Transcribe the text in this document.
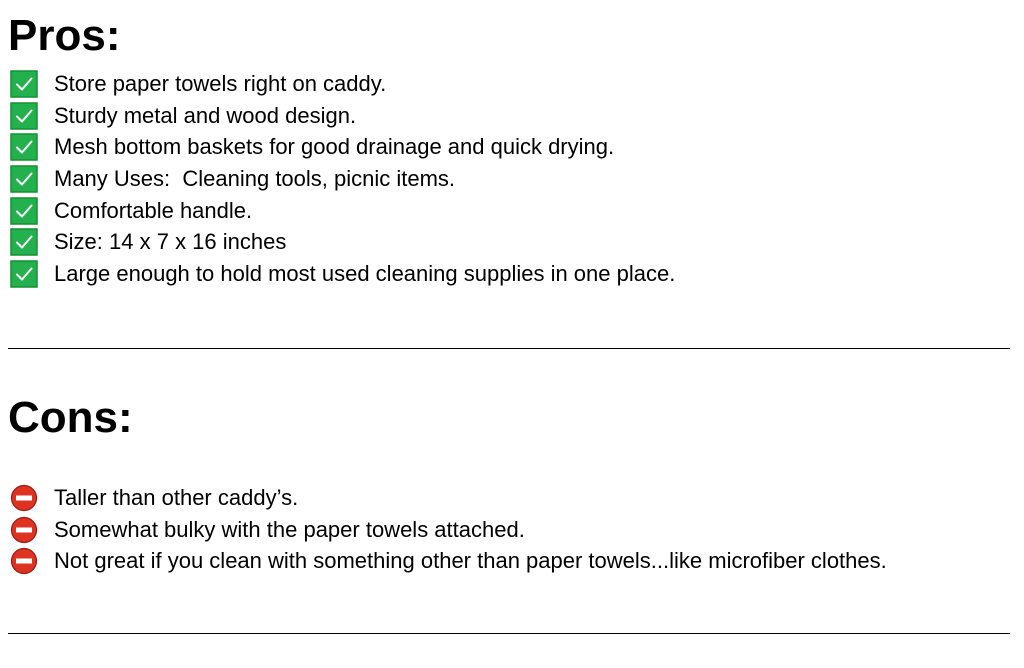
Pros:
Store paper towels right on caddy.
Sturdy metal and wood design.
Mesh bottom baskets for good drainage and quick drying.
Many Uses:  Cleaning tools, picnic items.
Comfortable handle.
Size: 14 x 7 x 16 inches
Large enough to hold most used cleaning supplies in one place.
Cons:
Taller than other caddy’s.
Somewhat bulky with the paper towels attached.
Not great if you clean with something other than paper towels...like microfiber clothes.
